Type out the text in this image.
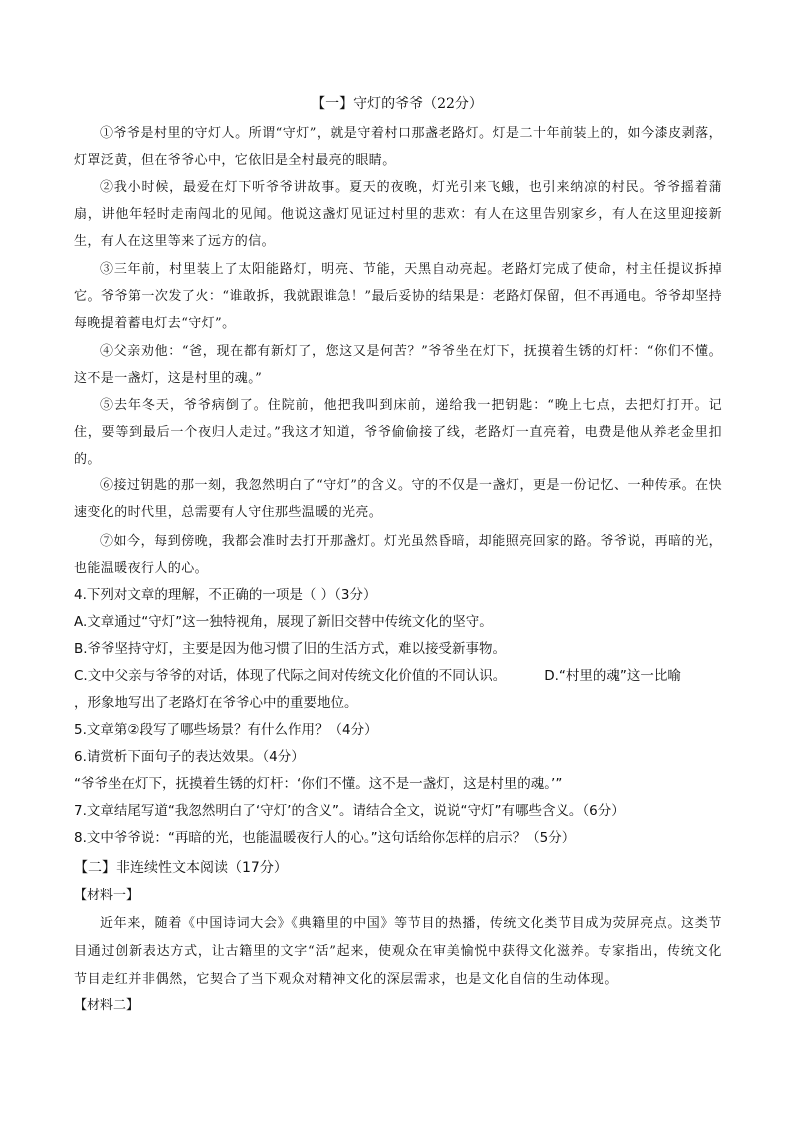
【一】守灯的爷爷（22分）
①爷爷是村里的守灯人。所谓“守灯”，就是守着村口那盏老路灯。灯是二十年前装上的，如今漆皮剥落，灯罩泛黄，但在爷爷心中，它依旧是全村最亮的眼睛。
②我小时候，最爱在灯下听爷爷讲故事。夏天的夜晚，灯光引来飞蛾，也引来纳凉的村民。爷爷摇着蒲扇，讲他年轻时走南闯北的见闻。他说这盏灯见证过村里的悲欢：有人在这里告别家乡，有人在这里迎接新生，有人在这里等来了远方的信。
③三年前，村里装上了太阳能路灯，明亮、节能，天黑自动亮起。老路灯完成了使命，村主任提议拆掉它。爷爷第一次发了火：“谁敢拆，我就跟谁急！”最后妥协的结果是：老路灯保留，但不再通电。爷爷却坚持每晚提着蓄电灯去“守灯”。
④父亲劝他：“爸，现在都有新灯了，您这又是何苦？”爷爷坐在灯下，抚摸着生锈的灯杆：“你们不懂。这不是一盏灯，这是村里的魂。”
⑤去年冬天，爷爷病倒了。住院前，他把我叫到床前，递给我一把钥匙：“晚上七点，去把灯打开。记住，要等到最后一个夜归人走过。”我这才知道，爷爷偷偷接了线，老路灯一直亮着，电费是他从养老金里扣的。
⑥接过钥匙的那一刻，我忽然明白了“守灯”的含义。守的不仅是一盏灯，更是一份记忆、一种传承。在快速变化的时代里，总需要有人守住那些温暖的光亮。
⑦如今，每到傍晚，我都会准时去打开那盏灯。灯光虽然昏暗，却能照亮回家的路。爷爷说，再暗的光，也能温暖夜行人的心。
4.下列对文章的理解，不正确的一项是（ ）（3分）
A.文章通过“守灯”这一独特视角，展现了新旧交替中传统文化的坚守。
B.爷爷坚持守灯，主要是因为他习惯了旧的生活方式，难以接受新事物。
C.文中父亲与爷爷的对话，体现了代际之间对传统文化价值的不同认识。	D.“村里的魂”这一比喻
，形象地写出了老路灯在爷爷心中的重要地位。
5.文章第②段写了哪些场景？有什么作用？（4分）
6.请赏析下面句子的表达效果。（4分）
“爷爷坐在灯下，抚摸着生锈的灯杆：‘你们不懂。这不是一盏灯，这是村里的魂。’”
7.文章结尾写道“我忽然明白了‘守灯’的含义”。请结合全文，说说“守灯”有哪些含义。（6分）
8.文中爷爷说：“再暗的光，也能温暖夜行人的心。”这句话给你怎样的启示？（5分）
【二】非连续性文本阅读（17分）
【材料一】
近年来，随着《中国诗词大会》《典籍里的中国》等节目的热播，传统文化类节目成为荧屏亮点。这类节目通过创新表达方式，让古籍里的文字“活”起来，使观众在审美愉悦中获得文化滋养。专家指出，传统文化节目走红并非偶然，它契合了当下观众对精神文化的深层需求，也是文化自信的生动体现。
【材料二】
